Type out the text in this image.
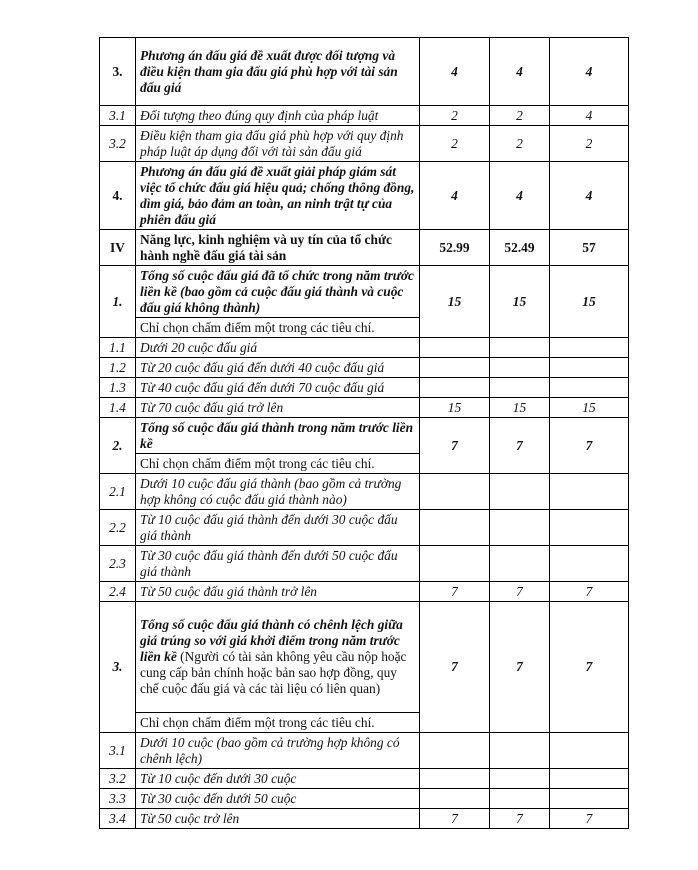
3.	Phương án đấu giá đề xuất được đối tượng và điều kiện tham gia đấu giá phù hợp với tài sản đấu giá	4	4	4
3.1	Đối tượng theo đúng quy định của pháp luật	2	2	4
3.2	Điều kiện tham gia đấu giá phù hợp với quy định pháp luật áp dụng đối với tài sản đấu giá	2	2	2
4.	Phương án đấu giá đề xuất giải pháp giám sát việc tổ chức đấu giá hiệu quả; chống thông đồng, dìm giá, bảo đảm an toàn, an ninh trật tự của phiên đấu giá	4	4	4
IV	Năng lực, kinh nghiệm và uy tín của tổ chức hành nghề đấu giá tài sản	52.99	52.49	57
1.	Tổng số cuộc đấu giá đã tổ chức trong năm trước liền kề (bao gồm cả cuộc đấu giá thành và cuộc đấu giá không thành)	15	15	15
	Chỉ chọn chấm điểm một trong các tiêu chí.			
1.1	Dưới 20 cuộc đấu giá			
1.2	Từ 20 cuộc đấu giá đến dưới 40 cuộc đấu giá			
1.3	Từ 40 cuộc đấu giá đến dưới 70 cuộc đấu giá			
1.4	Từ 70 cuộc đấu giá trở lên	15	15	15
2.	Tổng số cuộc đấu giá thành trong năm trước liền kề	7	7	7
	Chỉ chọn chấm điểm một trong các tiêu chí.			
2.1	Dưới 10 cuộc đấu giá thành (bao gồm cả trường hợp không có cuộc đấu giá thành nào)			
2.2	Từ 10 cuộc đấu giá thành đến dưới 30 cuộc đấu giá thành			
2.3	Từ 30 cuộc đấu giá thành đến dưới 50 cuộc đấu giá thành			
2.4	Từ 50 cuộc đấu giá thành trở lên	7	7	7
3.	Tổng số cuộc đấu giá thành có chênh lệch giữa giá trúng so với giá khởi điểm trong năm trước liền kề (Người có tài sản không yêu cầu nộp hoặc cung cấp bản chính hoặc bản sao hợp đồng, quy chế cuộc đấu giá và các tài liệu có liên quan)	7	7	7
	Chỉ chọn chấm điểm một trong các tiêu chí.			
3.1	Dưới 10 cuộc (bao gồm cả trường hợp không có chênh lệch)			
3.2	Từ 10 cuộc đến dưới 30 cuộc			
3.3	Từ 30 cuộc đến dưới 50 cuộc			
3.4	Từ 50 cuộc trở lên	7	7	7
